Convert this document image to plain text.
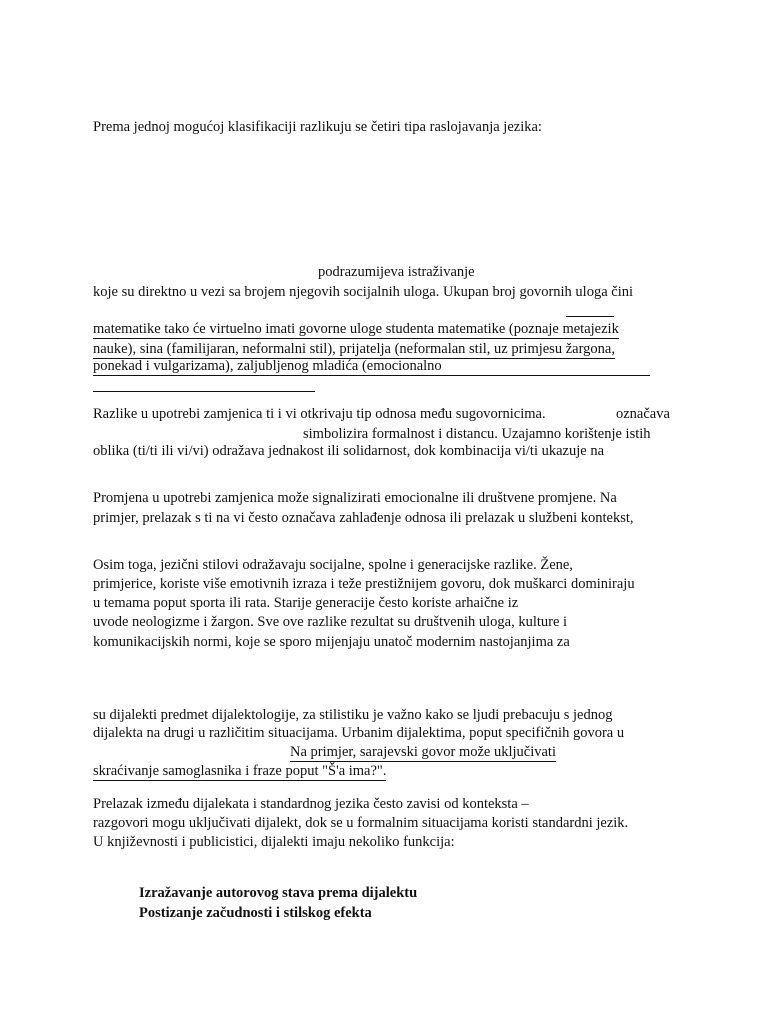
Prema jednoj mogućoj klasifikaciji razlikuju se četiri tipa raslojavanja jezika:
podrazumijeva istraživanje
koje su direktno u vezi sa brojem njegovih socijalnih uloga. Ukupan broj govornih uloga čini
matematike tako će virtuelno imati govorne uloge studenta matematike (poznaje metajezik
nauke), sina (familijaran, neformalni stil), prijatelja (neformalan stil, uz primjesu žargona,
ponekad i vulgarizama), zaljubljenog mladića (emocionalno
Razlike u upotrebi zamjenica ti i vi otkrivaju tip odnosa među sugovornicima.	označava
simbolizira formalnost i distancu. Uzajamno korištenje istih
oblika (ti/ti ili vi/vi) odražava jednakost ili solidarnost, dok kombinacija vi/ti ukazuje na
Promjena u upotrebi zamjenica može signalizirati emocionalne ili društvene promjene. Na
primjer, prelazak s ti na vi često označava zahlađenje odnosa ili prelazak u službeni kontekst,
Osim toga, jezični stilovi odražavaju socijalne, spolne i generacijske razlike. Žene,
primjerice, koriste više emotivnih izraza i teže prestižnijem govoru, dok muškarci dominiraju
u temama poput sporta ili rata. Starije generacije često koriste arhaične iz
uvode neologizme i žargon. Sve ove razlike rezultat su društvenih uloga, kulture i
komunikacijskih normi, koje se sporo mijenjaju unatoč modernim nastojanjima za
su dijalekti predmet dijalektologije, za stilistiku je važno kako se ljudi prebacuju s jednog
dijalekta na drugi u različitim situacijama. Urbanim dijalektima, poput specifičnih govora u
Na primjer, sarajevski govor može uključivati
skraćivanje samoglasnika i fraze poput "Š'a ima?".
Prelazak između dijalekata i standardnog jezika često zavisi od konteksta –
razgovori mogu uključivati dijalekt, dok se u formalnim situacijama koristi standardni jezik.
U književnosti i publicistici, dijalekti imaju nekoliko funkcija:
Izražavanje autorovog stava prema dijalektu
Postizanje začudnosti i stilskog efekta
